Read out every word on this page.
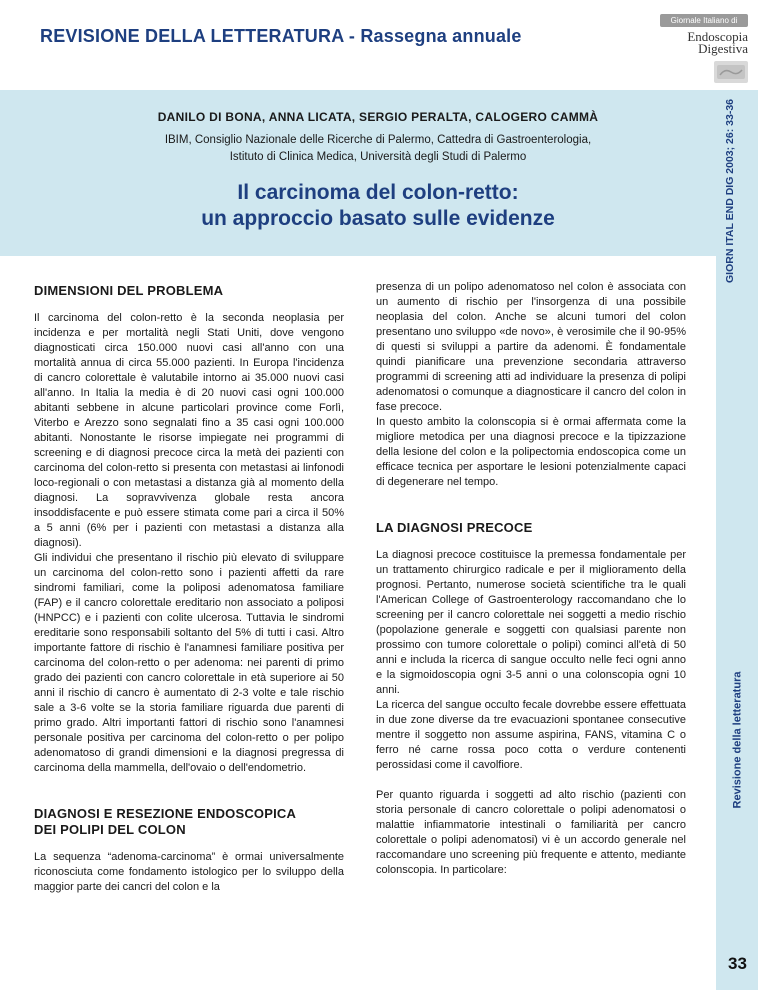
REVISIONE DELLA LETTERATURA - Rassegna annuale
Giornale Italiano di
Endoscopia
Digestiva
GIORN ITAL END DIG 2003; 26: 33-36
Revisione della letteratura
33
DANILO DI BONA, ANNA LICATA, SERGIO PERALTA, CALOGERO CAMMÀ
IBIM, Consiglio Nazionale delle Ricerche di Palermo, Cattedra di Gastroenterologia,
Istituto di Clinica Medica, Università degli Studi di Palermo
Il carcinoma del colon-retto:
un approccio basato sulle evidenze
DIMENSIONI DEL PROBLEMA

Il carcinoma del colon-retto è la seconda neoplasia per incidenza e per mortalità negli Stati Uniti, dove vengono diagnosticati circa 150.000 nuovi casi all'anno con una mortalità annua di circa 55.000 pazienti. In Europa l'incidenza di cancro colorettale è valutabile intorno ai 35.000 nuovi casi all'anno. In Italia la media è di 20 nuovi casi ogni 100.000 abitanti sebbene in alcune particolari province come Forlì, Viterbo e Arezzo sono segnalati fino a 35 casi ogni 100.000 abitanti. Nonostante le risorse impiegate nei programmi di screening e di diagnosi precoce circa la metà dei pazienti con carcinoma del colon-retto si presenta con metastasi ai linfonodi loco-regionali o con metastasi a distanza già al momento della diagnosi. La sopravvivenza globale resta ancora insoddisfacente e può essere stimata come pari a circa il 50% a 5 anni (6% per i pazienti con metastasi a distanza alla diagnosi).

Gli individui che presentano il rischio più elevato di sviluppare un carcinoma del colon-retto sono i pazienti affetti da rare sindromi familiari, come la poliposi adenomatosa familiare (FAP) e il cancro colorettale ereditario non associato a poliposi (HNPCC) e i pazienti con colite ulcerosa. Tuttavia le sindromi ereditarie sono responsabili soltanto del 5% di tutti i casi. Altro importante fattore di rischio è l'anamnesi familiare positiva per carcinoma del colon-retto o per adenoma: nei parenti di primo grado dei pazienti con cancro colorettale in età superiore ai 50 anni il rischio di cancro è aumentato di 2-3 volte e tale rischio sale a 3-6 volte se la storia familiare riguarda due parenti di primo grado. Altri importanti fattori di rischio sono l'anamnesi personale positiva per carcinoma del colon-retto o per polipo adenomatoso di grandi dimensioni e la diagnosi pregressa di carcinoma della mammella, dell'ovaio o dell'endometrio.

DIAGNOSI E RESEZIONE ENDOSCOPICA
DEI POLIPI DEL COLON

La sequenza “adenoma-carcinoma” è ormai universalmente riconosciuta come fondamento istologico per lo sviluppo della maggior parte dei cancri del colon e la

presenza di un polipo adenomatoso nel colon è associata con un aumento di rischio per l'insorgenza di una possibile neoplasia del colon. Anche se alcuni tumori del colon presentano uno sviluppo «de novo», è verosimile che il 90-95% di questi si sviluppi a partire da adenomi. È fondamentale quindi pianificare una prevenzione secondaria attraverso programmi di screening atti ad individuare la presenza di polipi adenomatosi o comunque a diagnosticare il cancro del colon in fase precoce.

In questo ambito la colonscopia si è ormai affermata come la migliore metodica per una diagnosi precoce e la tipizzazione della lesione del colon e la polipectomia endoscopica come un efficace tecnica per asportare le lesioni potenzialmente capaci di degenerare nel tempo.

LA DIAGNOSI PRECOCE

La diagnosi precoce costituisce la premessa fondamentale per un trattamento chirurgico radicale e per il miglioramento della prognosi. Pertanto, numerose società scientifiche tra le quali l'American College of Gastroenterology raccomandano che lo screening per il cancro colorettale nei soggetti a medio rischio (popolazione generale e soggetti con qualsiasi parente non prossimo con tumore colorettale o polipi) cominci all'età di 50 anni e includa la ricerca di sangue occulto nelle feci ogni anno e la sigmoidoscopia ogni 3-5 anni o una colonscopia ogni 10 anni.

La ricerca del sangue occulto fecale dovrebbe essere effettuata in due zone diverse da tre evacuazioni spontanee consecutive mentre il soggetto non assume aspirina, FANS, vitamina C o ferro né carne rossa poco cotta o verdure contenenti perossidasi come il cavolfiore.

Per quanto riguarda i soggetti ad alto rischio (pazienti con storia personale di cancro colorettale o polipi adenomatosi o malattie infiammatorie intestinali o familiarità per cancro colorettale o polipi adenomatosi) vi è un accordo generale nel raccomandare uno screening più frequente e attento, mediante colonscopia. In particolare:
